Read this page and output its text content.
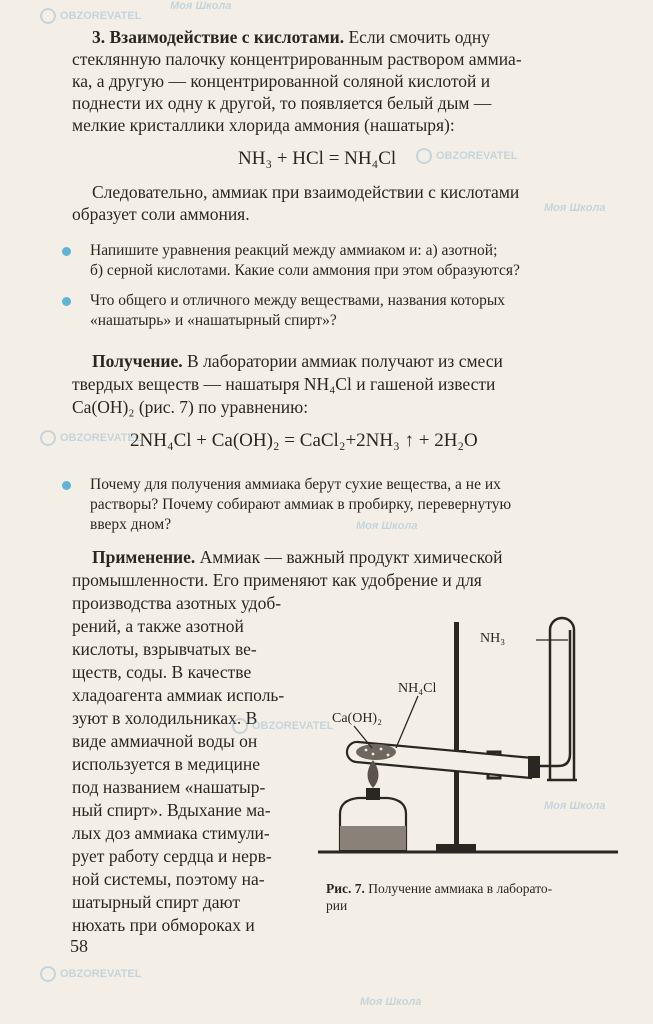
3. Взаимодействие с кислотами. Если смочить одну
стеклянную палочку концентрированным раствором аммиа-
ка, а другую — концентрированной соляной кислотой и
поднести их одну к другой, то появляется белый дым —
мелкие кристаллики хлорида аммония (нашатыря):
NH₃ + HCl = NH₄Cl
Следовательно, аммиак при взаимодействии с кислотами
образует соли аммония.
Напишите уравнения реакций между аммиаком и: а) азотной;
б) серной кислотами. Какие соли аммония при этом образуются?
Что общего и отличного между веществами, названия которых
«нашатырь» и «нашатырный спирт»?
Получение. В лаборатории аммиак получают из смеси
твердых веществ — нашатыря NH₄Cl и гашеной извести
Ca(OH)₂ (рис. 7) по уравнению:
2NH₄Cl + Ca(OH)₂ = CaCl₂+2NH₃ ↑ + 2H₂O
Почему для получения аммиака берут сухие вещества, а не их
растворы? Почему собирают аммиак в пробирку, перевернутую
вверх дном?
Применение. Аммиак — важный продукт химической
промышленности. Его применяют как удобрение и для
производства азотных удоб-
рений, а также азотной
кислоты, взрывчатых ве-
ществ, соды. В качестве
хладоагента аммиак исполь-
зуют в холодильниках. В
виде аммиачной воды он
используется в медицине
под названием «нашатыр-
ный спирт». Вдыхание ма-
лых доз аммиака стимули-
рует работу сердца и нерв-
ной системы, поэтому на-
шатырный спирт дают
нюхать при обмороках и
NH₃
NH₄Cl
Ca(OH)₂
Рис. 7. Получение аммиака в лаборато-
рии
58
OBZOREVATEL
Моя Школа
OBZOREVATEL
Моя Школа
OBZOREVATEL
Моя Школа
OBZOREVATEL
Моя Школа
OBZOREVATEL
Моя Школа
